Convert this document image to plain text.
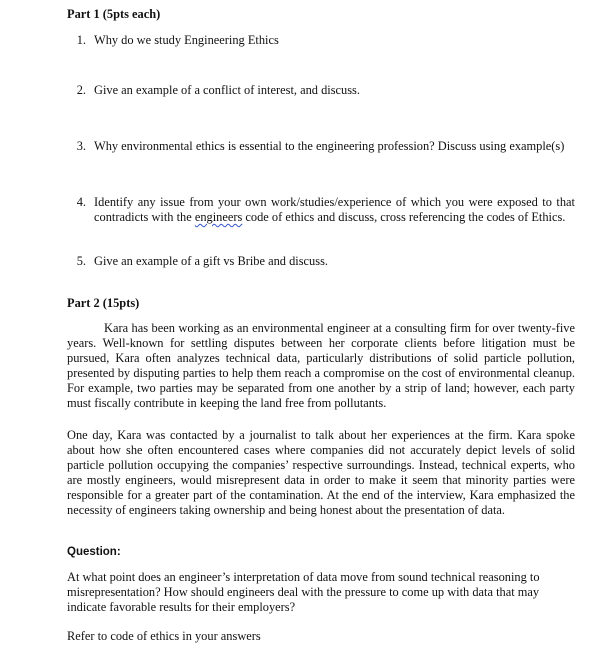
Part 1 (5pts each)
1. Why do we study Engineering Ethics
2. Give an example of a conflict of interest, and discuss.
3. Why environmental ethics is essential to the engineering profession? Discuss using example(s)
4. Identify any issue from your own work/studies/experience of which you were exposed to that contradicts with the engineers code of ethics and discuss, cross referencing the codes of Ethics.
5. Give an example of a gift vs Bribe and discuss.
Part 2 (15pts)
Kara has been working as an environmental engineer at a consulting firm for over twenty-five years. Well-known for settling disputes between her corporate clients before litigation must be pursued, Kara often analyzes technical data, particularly distributions of solid particle pollution, presented by disputing parties to help them reach a compromise on the cost of environmental cleanup. For example, two parties may be separated from one another by a strip of land; however, each party must fiscally contribute in keeping the land free from pollutants.
One day, Kara was contacted by a journalist to talk about her experiences at the firm. Kara spoke about how she often encountered cases where companies did not accurately depict levels of solid particle pollution occupying the companies’ respective surroundings. Instead, technical experts, who are mostly engineers, would misrepresent data in order to make it seem that minority parties were responsible for a greater part of the contamination. At the end of the interview, Kara emphasized the necessity of engineers taking ownership and being honest about the presentation of data.
Question:
At what point does an engineer’s interpretation of data move from sound technical reasoning to misrepresentation? How should engineers deal with the pressure to come up with data that may indicate favorable results for their employers?
Refer to code of ethics in your answers
